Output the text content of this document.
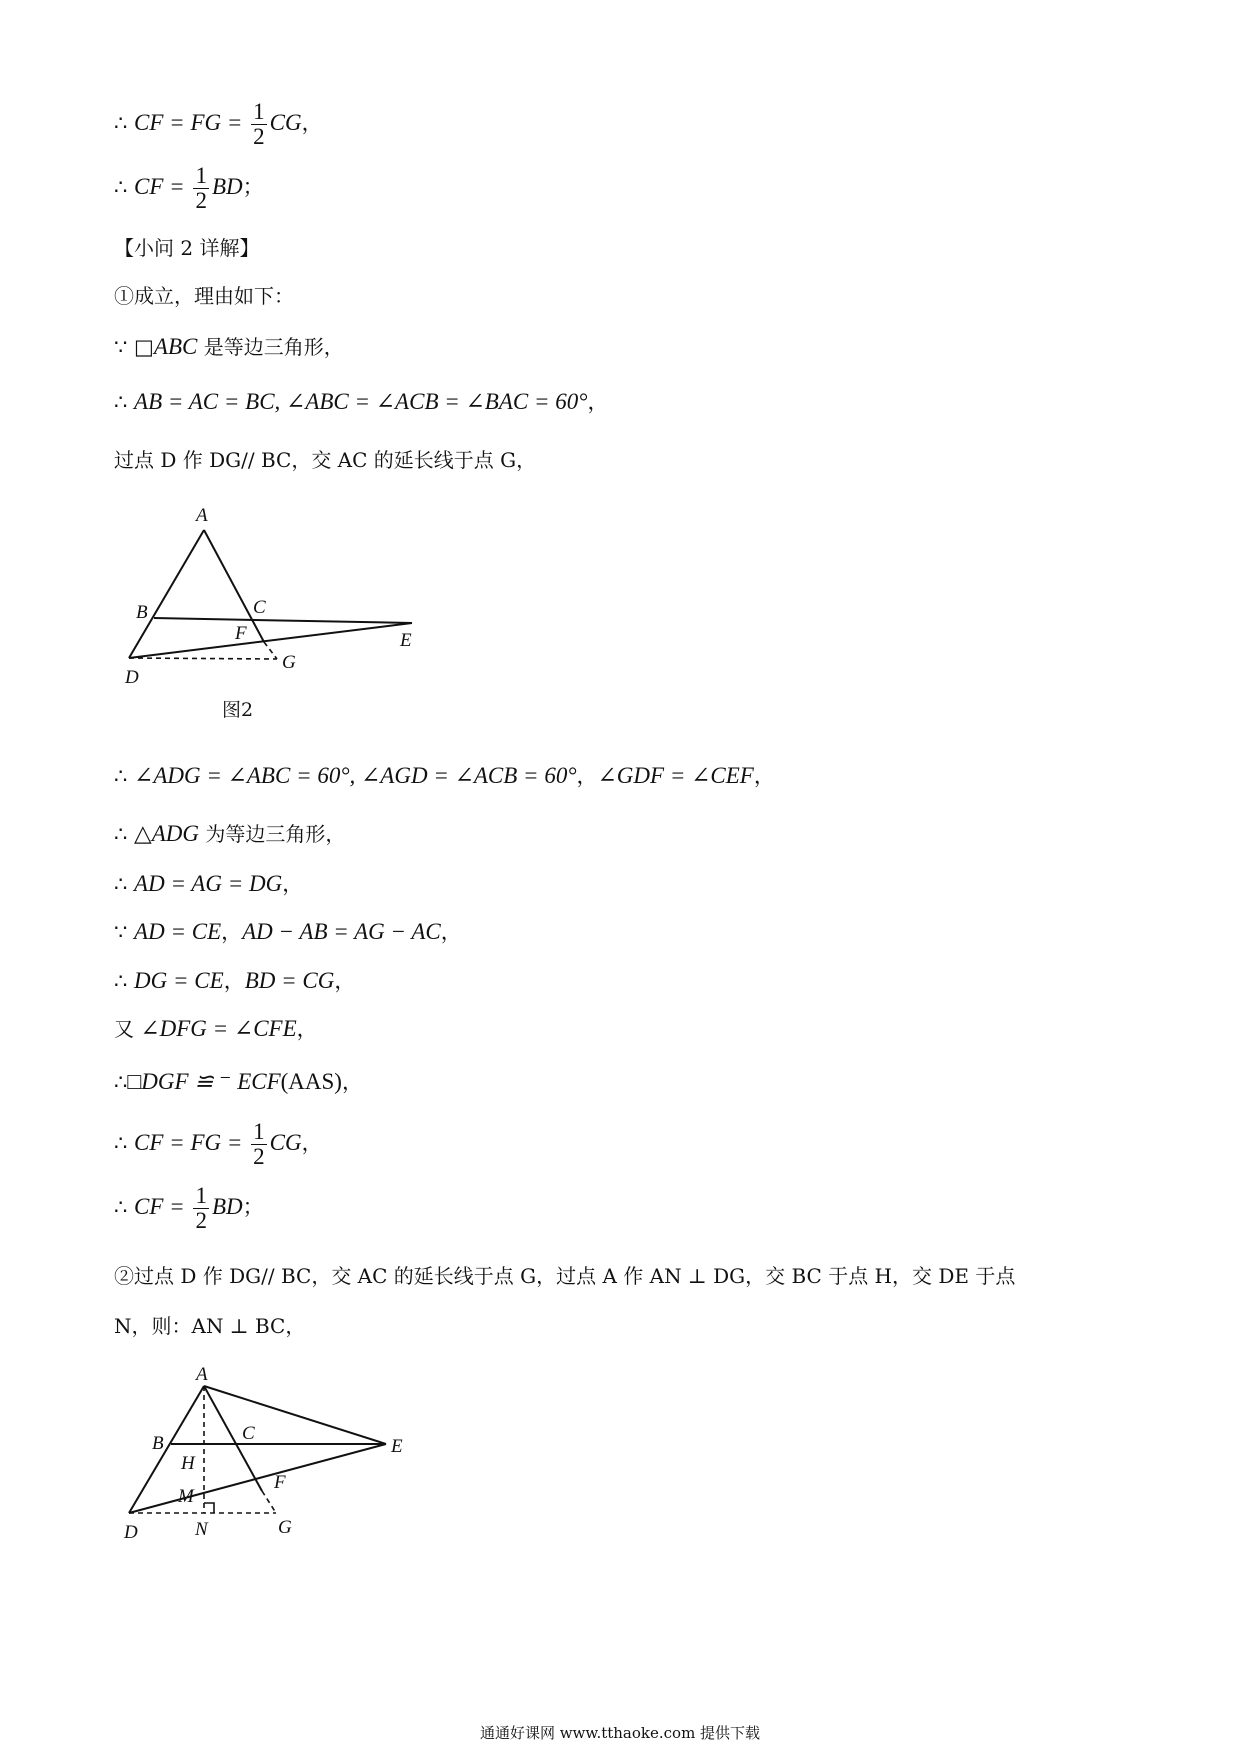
∴ CF = FG = $\frac{1}{2}$ CG，
∴ CF = $\frac{1}{2}$ BD；
【小问 2 详解】
①成立，理由如下：
∵ □ABC 是等边三角形，
∴ AB = AC = BC, ∠ABC = ∠ACB = ∠BAC = 60°，
过点 D 作 DG// BC，交 AC 的延长线于点 G，
A
B	C
F	E
G
D
图2
∴ ∠ADG = ∠ABC = 60°, ∠AGD = ∠ACB = 60°，∠GDF = ∠CEF，
∴ △ADG 为等边三角形，
∴ AD = AG = DG，
∵ AD = CE，AD − AB = AG − AC，
∴ DG = CE，BD = CG，
又 ∠DFG = ∠CFE，
∴□DGF ≌ ⁻ ECF(AAS)，
∴ CF = FG = $\frac{1}{2}$ CG，
∴ CF = $\frac{1}{2}$ BD；
②过点 D 作 DG// BC，交 AC 的延长线于点 G，过点 A 作 AN ⊥ DG，交 BC 于点 H，交 DE 于点
N，则：AN ⊥ BC，
A
B	C
H
E
F
M
D	N	G
通通好课网 www.tthaoke.com 提供下载
